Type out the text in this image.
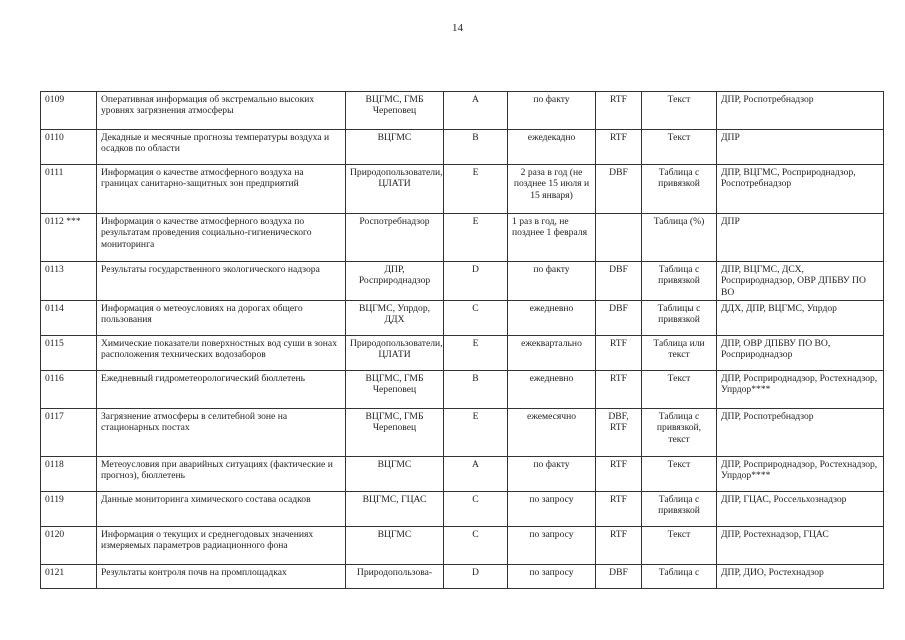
14
0109	Оперативная информация об экстремально высоких уровнях загрязнения атмосферы	ВЦГМС, ГМБ Череповец	A	по факту	RTF	Текст	ДПР, Роспотребнадзор
0110	Декадные и месячные прогнозы температуры воздуха и осадков по области	ВЦГМС	B	ежедекадно	RTF	Текст	ДПР
0111	Информация о качестве атмосферного воздуха на границах санитарно-защитных зон предприятий	Природопользователи, ЦЛАТИ	E	2 раза в год (не позднее 15 июля и 15 января)	DBF	Таблица с привязкой	ДПР, ВЦГМС, Росприроднадзор, Роспотребнадзор
0112 ***	Информация о качестве атмосферного воздуха по результатам проведения социально-гигиенического мониторинга	Роспотребнадзор	E	1 раз в год, не позднее 1 февраля		Таблица (%)	ДПР
0113	Результаты государственного экологического надзора	ДПР, Росприроднадзор	D	по факту	DBF	Таблица с привязкой	ДПР, ВЦГМС, ДСХ, Росприроднадзор, ОВР ДПБВУ ПО ВО
0114	Информация о метеоусловиях на дорогах общего пользования	ВЦГМС, Упрдор, ДДХ	C	ежедневно	DBF	Таблицы с привязкой	ДДХ, ДПР, ВЦГМС, Упрдор
0115	Химические показатели поверхностных вод суши в зонах расположения технических водозаборов	Природопользователи, ЦЛАТИ	E	ежеквартально	RTF	Таблица или текст	ДПР, ОВР ДПБВУ ПО ВО, Росприроднадзор
0116	Ежедневный гидрометеорологический бюллетень	ВЦГМС, ГМБ Череповец	B	ежедневно	RTF	Текст	ДПР, Росприроднадзор, Ростехнадзор, Упрдор****
0117	Загрязнение атмосферы в селитебной зоне на стационарных постах	ВЦГМС, ГМБ Череповец	E	ежемесячно	DBF, RTF	Таблица с привязкой, текст	ДПР, Роспотребнадзор
0118	Метеоусловия при аварийных ситуациях (фактические и прогноз), бюллетень	ВЦГМС	A	по факту	RTF	Текст	ДПР, Росприроднадзор, Ростехнадзор, Упрдор****
0119	Данные мониторинга химического состава осадков	ВЦГМС, ГЦАС	C	по запросу	RTF	Таблица с привязкой	ДПР, ГЦАС, Россельхознадзор
0120	Информация о текущих и среднегодовых значениях измеряемых параметров радиационного фона	ВЦГМС	C	по запросу	RTF	Текст	ДПР, Ростехнадзор, ГЦАС
0121	Результаты контроля почв на промплощадках	Природопользова-	D	по запросу	DBF	Таблица с	ДПР, ДИО, Ростехнадзор
